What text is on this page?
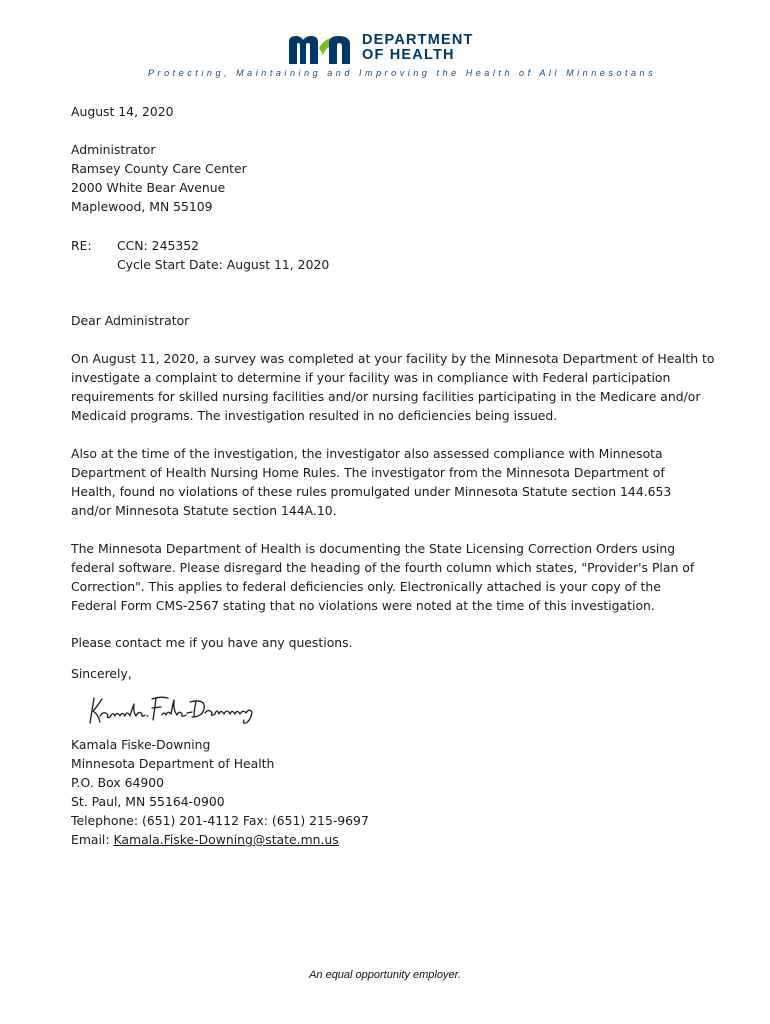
DEPARTMENT
OF HEALTH
Protecting, Maintaining and Improving the Health of All Minnesotans
August 14, 2020
Administrator
Ramsey County Care Center
2000 White Bear Avenue
Maplewood, MN 55109
RE: CCN: 245352
Cycle Start Date: August 11, 2020
Dear Administrator
On August 11, 2020, a survey was completed at your facility by the Minnesota Department of Health to
investigate a complaint to determine if your facility was in compliance with Federal participation
requirements for skilled nursing facilities and/or nursing facilities participating in the Medicare and/or
Medicaid programs. The investigation resulted in no deficiencies being issued.
Also at the time of the investigation, the investigator also assessed compliance with Minnesota
Department of Health Nursing Home Rules. The investigator from the Minnesota Department of
Health, found no violations of these rules promulgated under Minnesota Statute section 144.653
and/or Minnesota Statute section 144A.10.
The Minnesota Department of Health is documenting the State Licensing Correction Orders using
federal software. Please disregard the heading of the fourth column which states, "Provider's Plan of
Correction". This applies to federal deficiencies only. Electronically attached is your copy of the
Federal Form CMS-2567 stating that no violations were noted at the time of this investigation.
Please contact me if you have any questions.
Sincerely,
Kamala Fiske-Downing
Minnesota Department of Health
P.O. Box 64900
St. Paul, MN 55164-0900
Telephone: (651) 201-4112 Fax: (651) 215-9697
Email: Kamala.Fiske-Downing@state.mn.us
An equal opportunity employer.
